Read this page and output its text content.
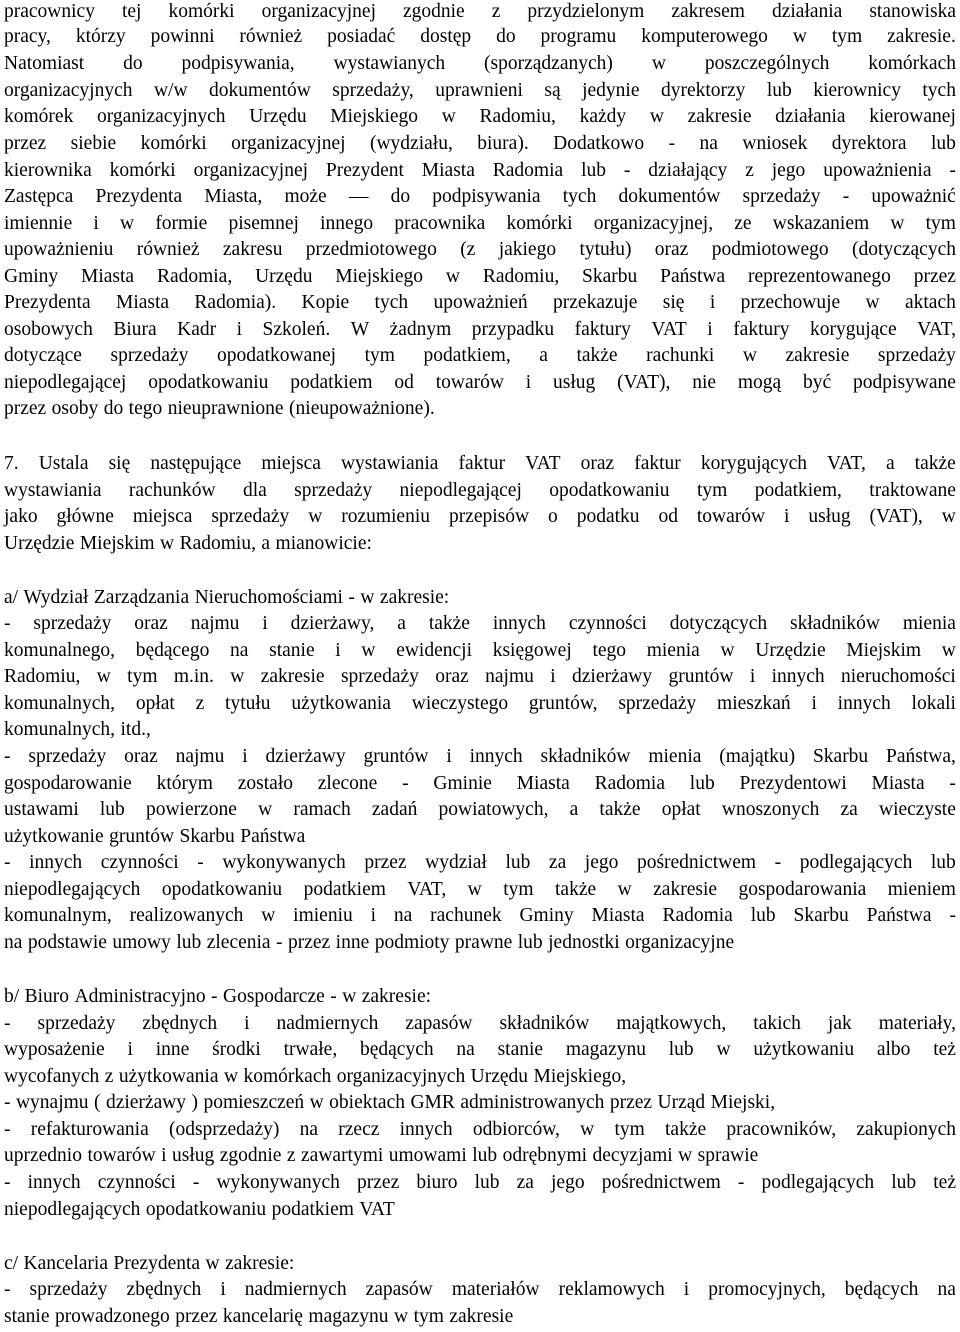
pracownicy tej komórki organizacyjnej zgodnie z przydzielonym zakresem działania stanowiska
pracy, którzy powinni również posiadać dostęp do programu komputerowego w tym zakresie.
Natomiast do podpisywania, wystawianych (sporządzanych) w poszczególnych komórkach
organizacyjnych w/w dokumentów sprzedaży, uprawnieni są jedynie dyrektorzy lub kierownicy tych
komórek organizacyjnych Urzędu Miejskiego w Radomiu, każdy w zakresie działania kierowanej
przez siebie komórki organizacyjnej (wydziału, biura). Dodatkowo - na wniosek dyrektora lub
kierownika komórki organizacyjnej Prezydent Miasta Radomia lub - działający z jego upoważnienia -
Zastępca Prezydenta Miasta, może — do podpisywania tych dokumentów sprzedaży - upoważnić
imiennie i w formie pisemnej innego pracownika komórki organizacyjnej, ze wskazaniem w tym
upoważnieniu również zakresu przedmiotowego (z jakiego tytułu) oraz podmiotowego (dotyczących
Gminy Miasta Radomia, Urzędu Miejskiego w Radomiu, Skarbu Państwa reprezentowanego przez
Prezydenta Miasta Radomia). Kopie tych upoważnień przekazuje się i przechowuje w aktach
osobowych Biura Kadr i Szkoleń. W żadnym przypadku faktury VAT i faktury korygujące VAT,
dotyczące sprzedaży opodatkowanej tym podatkiem, a także rachunki w zakresie sprzedaży
niepodlegającej opodatkowaniu podatkiem od towarów i usług (VAT), nie mogą być podpisywane
przez osoby do tego nieuprawnione (nieupoważnione).
7. Ustala się następujące miejsca wystawiania faktur VAT oraz faktur korygujących VAT, a także
wystawiania rachunków dla sprzedaży niepodlegającej opodatkowaniu tym podatkiem, traktowane
jako główne miejsca sprzedaży w rozumieniu przepisów o podatku od towarów i usług (VAT), w
Urzędzie Miejskim w Radomiu, a mianowicie:
a/ Wydział Zarządzania Nieruchomościami - w zakresie:
- sprzedaży oraz najmu i dzierżawy, a także innych czynności dotyczących składników mienia
komunalnego, będącego na stanie i w ewidencji księgowej tego mienia w Urzędzie Miejskim w
Radomiu, w tym m.in. w zakresie sprzedaży oraz najmu i dzierżawy gruntów i innych nieruchomości
komunalnych, opłat z tytułu użytkowania wieczystego gruntów, sprzedaży mieszkań i innych lokali
komunalnych, itd.,
- sprzedaży oraz najmu i dzierżawy gruntów i innych składników mienia (majątku) Skarbu Państwa,
gospodarowanie którym zostało zlecone - Gminie Miasta Radomia lub Prezydentowi Miasta -
ustawami lub powierzone w ramach zadań powiatowych, a także opłat wnoszonych za wieczyste
użytkowanie gruntów Skarbu Państwa
- innych czynności - wykonywanych przez wydział lub za jego pośrednictwem - podlegających lub
niepodlegających opodatkowaniu podatkiem VAT, w tym także w zakresie gospodarowania mieniem
komunalnym, realizowanych w imieniu i na rachunek Gminy Miasta Radomia lub Skarbu Państwa -
na podstawie umowy lub zlecenia - przez inne podmioty prawne lub jednostki organizacyjne
b/ Biuro Administracyjno - Gospodarcze - w zakresie:
- sprzedaży zbędnych i nadmiernych zapasów składników majątkowych, takich jak materiały,
wyposażenie i inne środki trwałe, będących na stanie magazynu lub w użytkowaniu albo też
wycofanych z użytkowania w komórkach organizacyjnych Urzędu Miejskiego,
- wynajmu ( dzierżawy ) pomieszczeń w obiektach GMR administrowanych przez Urząd Miejski,
- refakturowania (odsprzedaży) na rzecz innych odbiorców, w tym także pracowników, zakupionych
uprzednio towarów i usług zgodnie z zawartymi umowami lub odrębnymi decyzjami w sprawie
- innych czynności - wykonywanych przez biuro lub za jego pośrednictwem - podlegających lub też
niepodlegających opodatkowaniu podatkiem VAT
c/ Kancelaria Prezydenta w zakresie:
- sprzedaży zbędnych i nadmiernych zapasów materiałów reklamowych i promocyjnych, będących na
stanie prowadzonego przez kancelarię magazynu w tym zakresie
